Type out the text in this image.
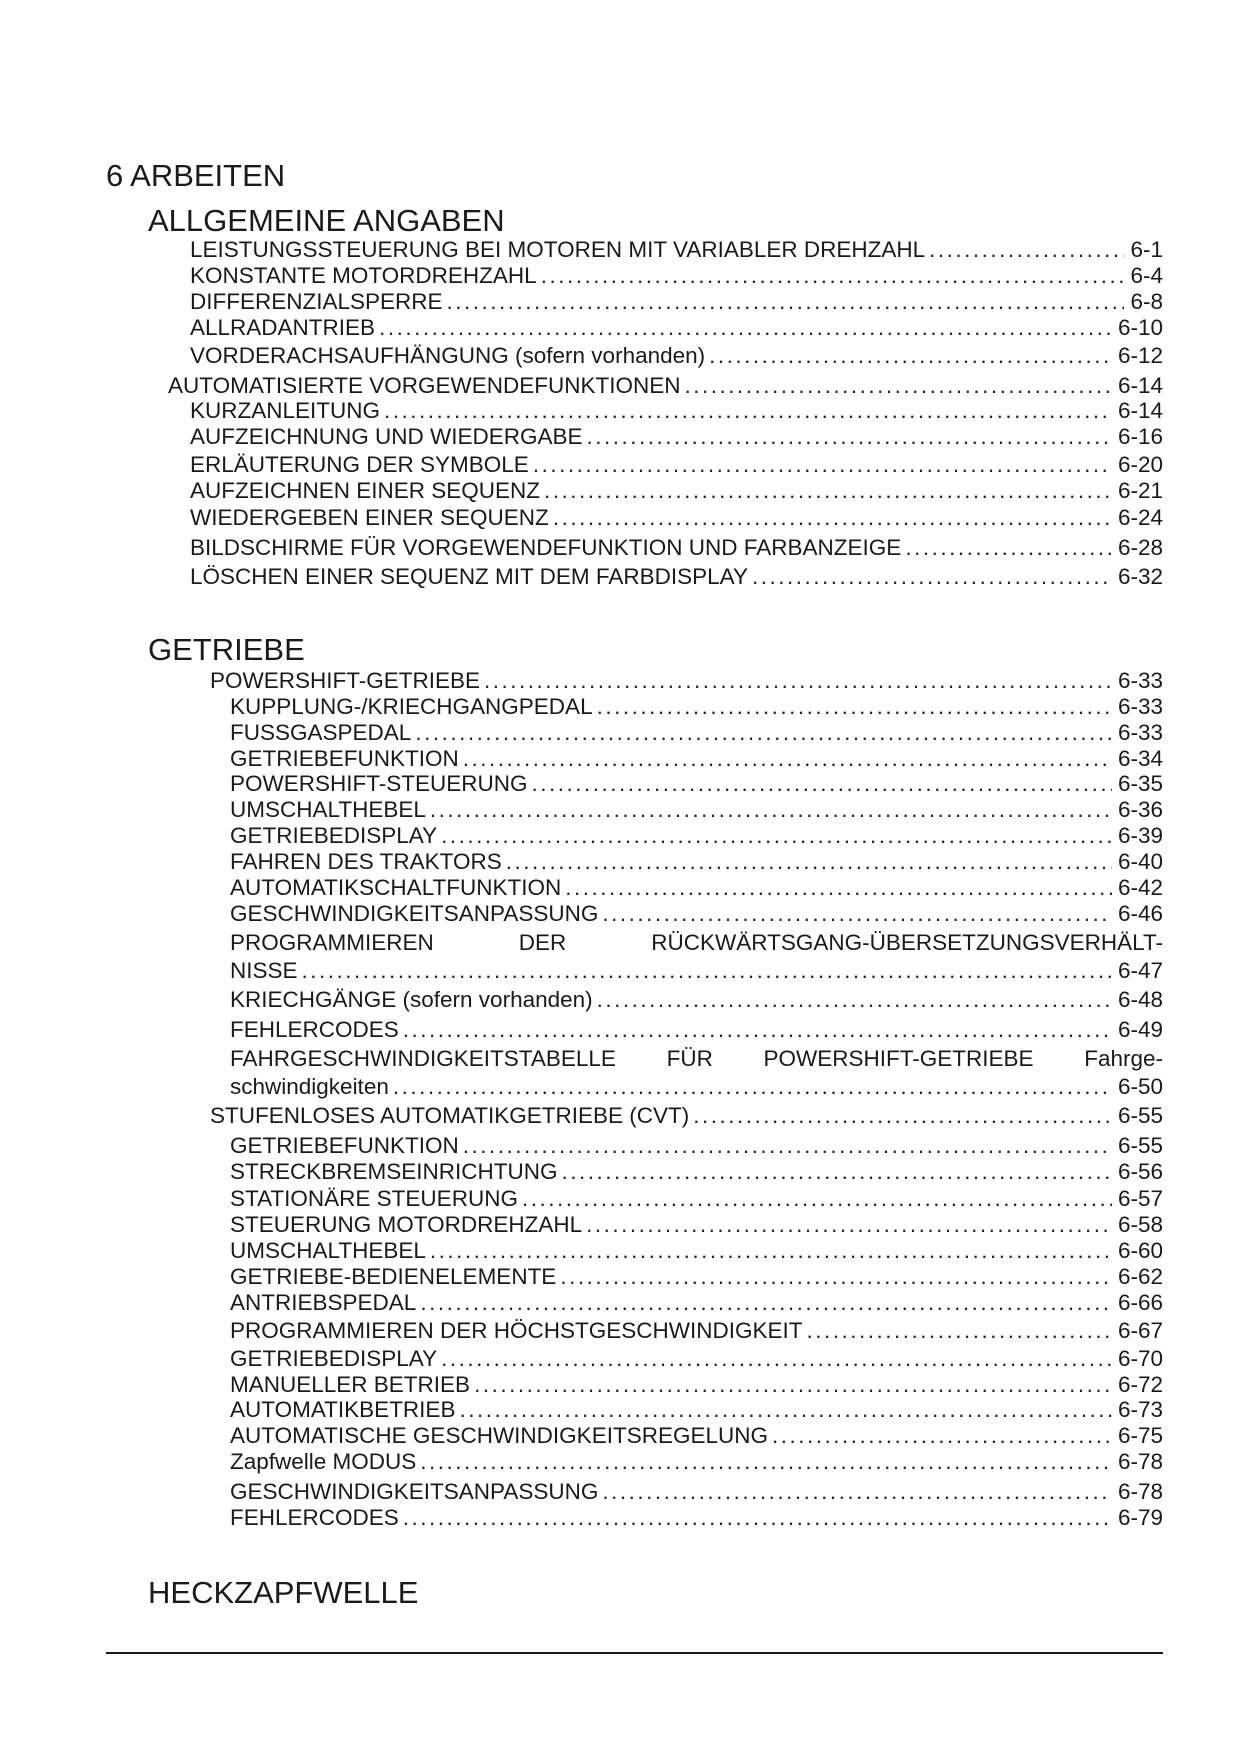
6 ARBEITEN
ALLGEMEINE ANGABEN
GETRIEBE
HECKZAPFWELLE
LEISTUNGSSTEUERUNG BEI MOTOREN MIT VARIABLER DREHZAHL .....	6-1
KONSTANTE MOTORDREHZAHL .....	6-4
DIFFERENZIALSPERRE .....	6-8
ALLRADANTRIEB .....	6-10
VORDERACHSAUFHÄNGUNG (sofern vorhanden) .....	6-12
AUTOMATISIERTE VORGEWENDEFUNKTIONEN .....	6-14
KURZANLEITUNG .....	6-14
AUFZEICHNUNG UND WIEDERGABE .....	6-16
ERLÄUTERUNG DER SYMBOLE .....	6-20
AUFZEICHNEN EINER SEQUENZ .....	6-21
WIEDERGEBEN EINER SEQUENZ .....	6-24
BILDSCHIRME FÜR VORGEWENDEFUNKTION UND FARBANZEIGE .....	6-28
LÖSCHEN EINER SEQUENZ MIT DEM FARBDISPLAY .....	6-32
POWERSHIFT-GETRIEBE .....	6-33
KUPPLUNG-/KRIECHGANGPEDAL .....	6-33
FUSSGASPEDAL .....	6-33
GETRIEBEFUNKTION .....	6-34
POWERSHIFT-STEUERUNG .....	6-35
UMSCHALTHEBEL .....	6-36
GETRIEBEDISPLAY .....	6-39
FAHREN DES TRAKTORS .....	6-40
AUTOMATIKSCHALTFUNKTION .....	6-42
GESCHWINDIGKEITSANPASSUNG .....	6-46
PROGRAMMIEREN	DER	RÜCKWÄRTSGANG-ÜBERSETZUNGSVERHÄLT-
NISSE .....	6-47
KRIECHGÄNGE (sofern vorhanden) .....	6-48
FEHLERCODES .....	6-49
FAHRGESCHWINDIGKEITSTABELLE FÜR POWERSHIFT-GETRIEBE Fahrge-
schwindigkeiten .....	6-50
STUFENLOSES AUTOMATIKGETRIEBE (CVT) .....	6-55
GETRIEBEFUNKTION .....	6-55
STRECKBREMSEINRICHTUNG .....	6-56
STATIONÄRE STEUERUNG .....	6-57
STEUERUNG MOTORDREHZAHL .....	6-58
UMSCHALTHEBEL .....	6-60
GETRIEBE-BEDIENELEMENTE .....	6-62
ANTRIEBSPEDAL .....	6-66
PROGRAMMIEREN DER HÖCHSTGESCHWINDIGKEIT .....	6-67
GETRIEBEDISPLAY .....	6-70
MANUELLER BETRIEB .....	6-72
AUTOMATIKBETRIEB .....	6-73
AUTOMATISCHE GESCHWINDIGKEITSREGELUNG .....	6-75
Zapfwelle MODUS .....	6-78
GESCHWINDIGKEITSANPASSUNG .....	6-78
FEHLERCODES .....	6-79
